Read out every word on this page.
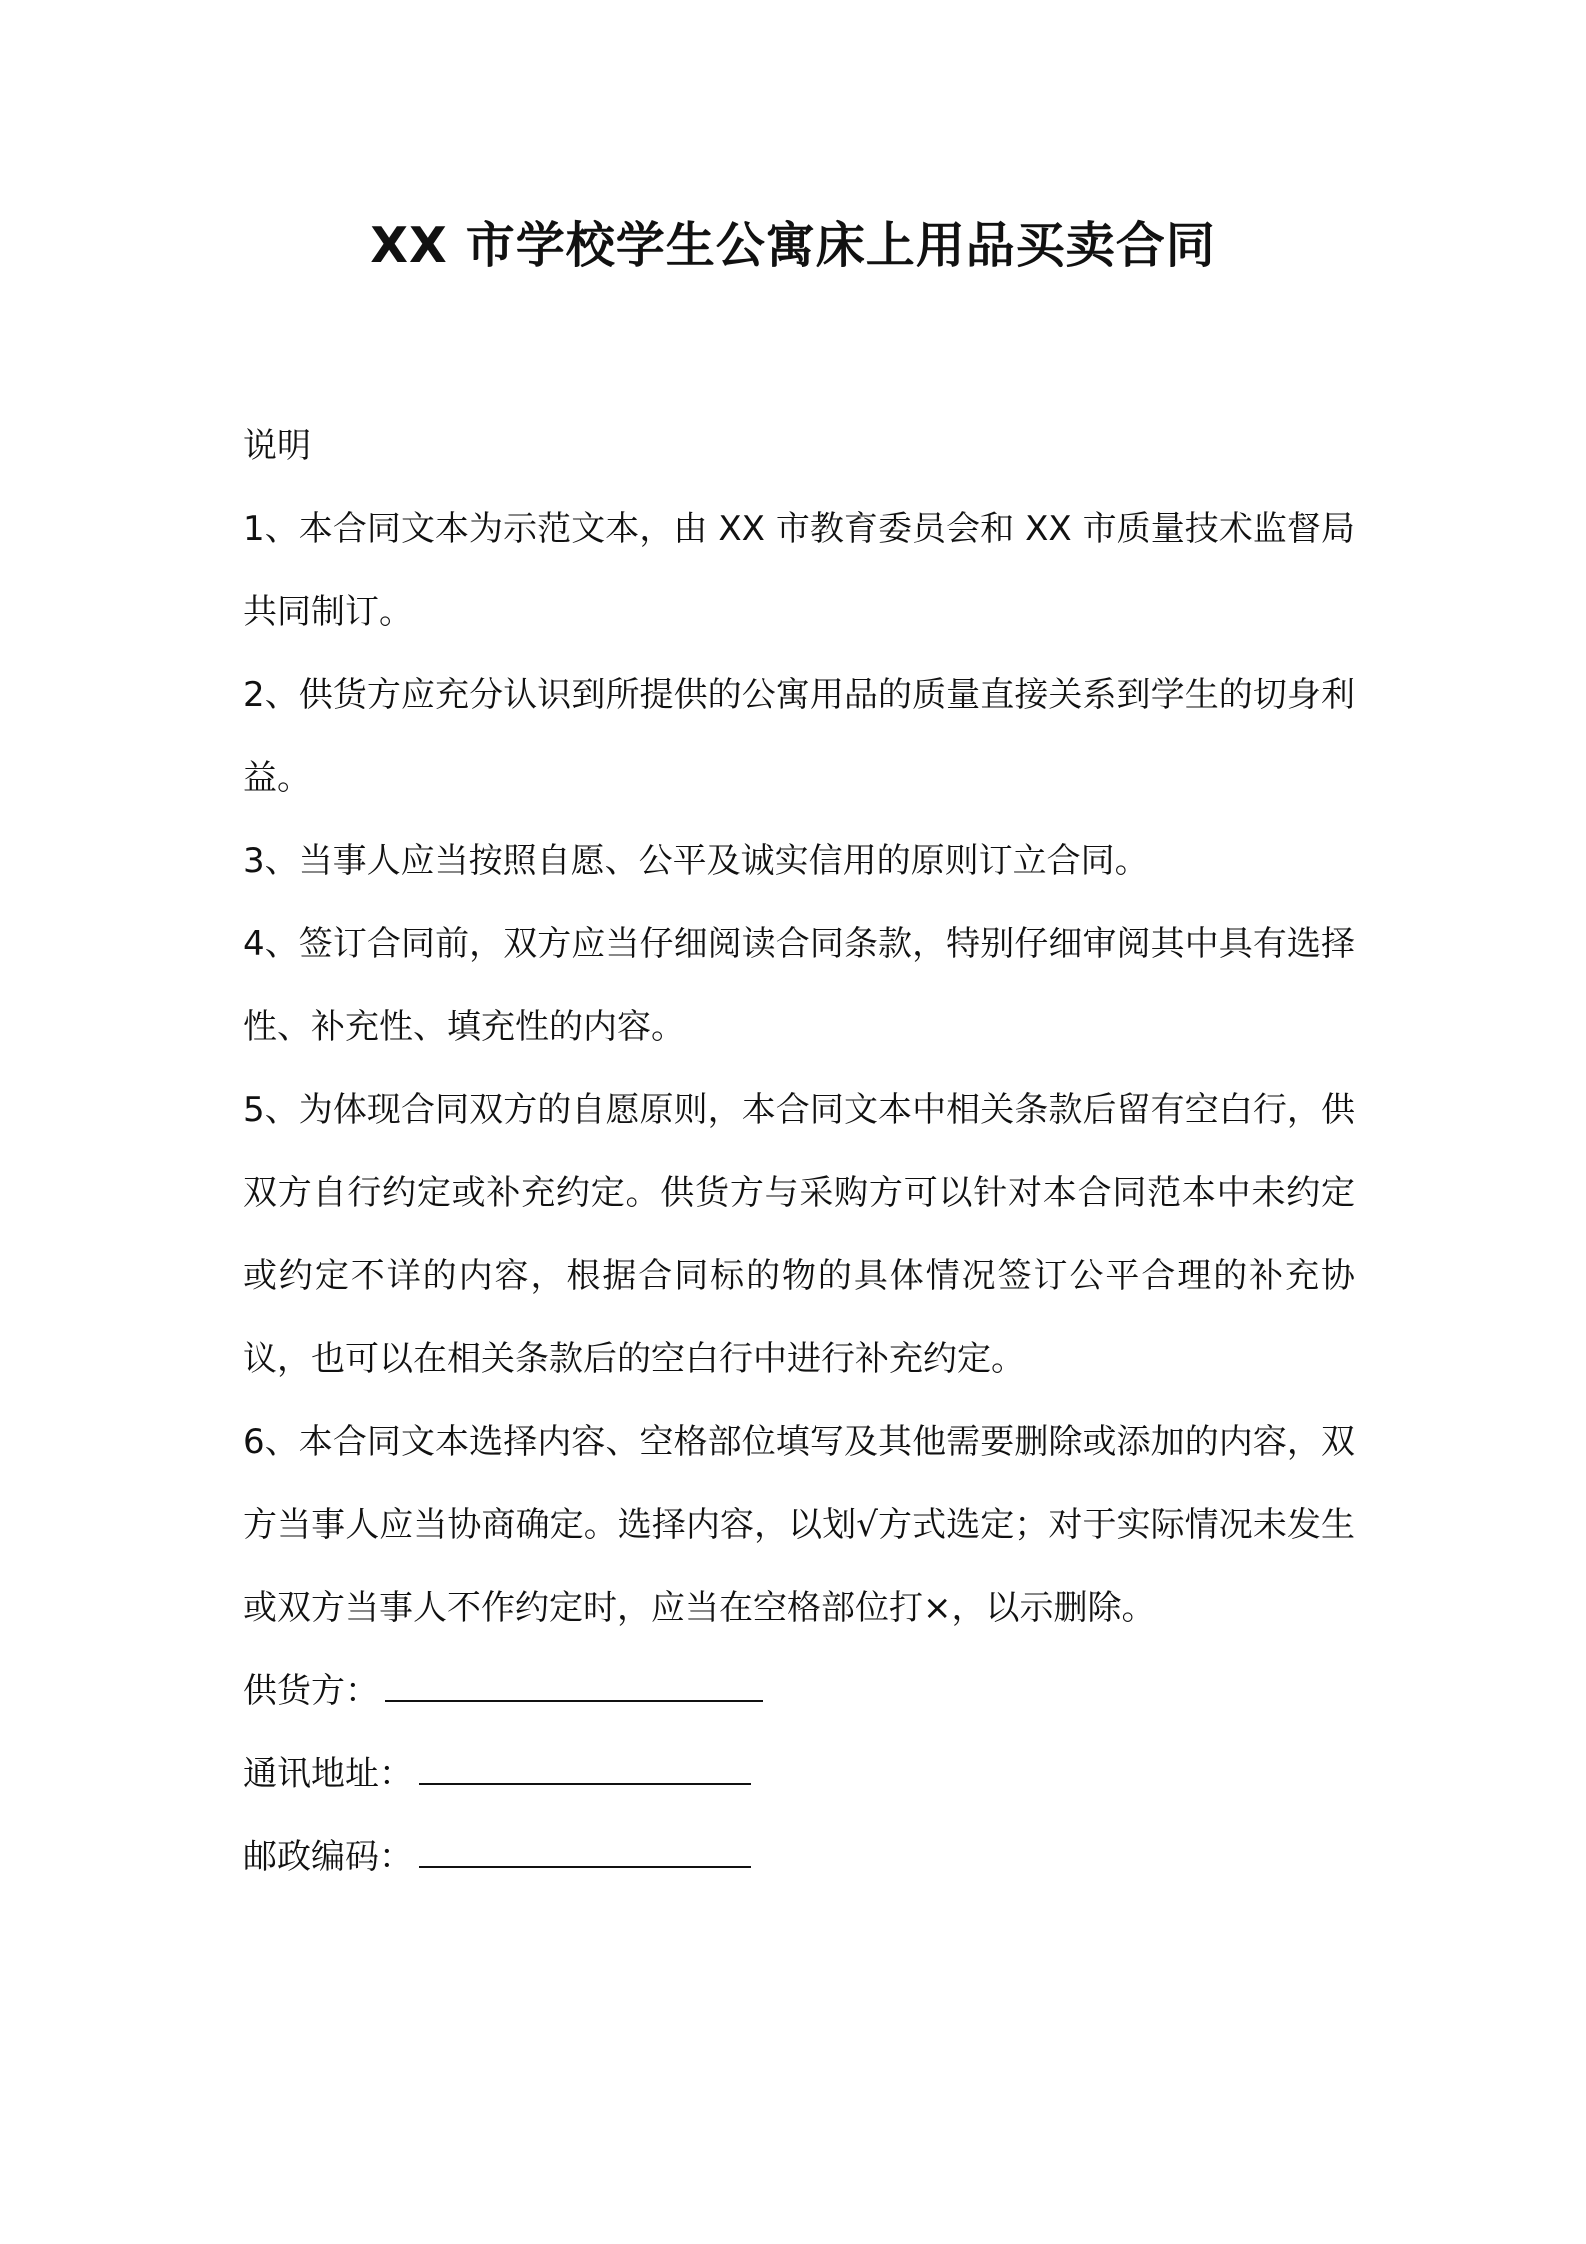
XX 市学校学生公寓床上用品买卖合同

说明

1、本合同文本为示范文本，由 XX 市教育委员会和 XX 市质量技术监督局共同制订。

2、供货方应充分认识到所提供的公寓用品的质量直接关系到学生的切身利益。

3、当事人应当按照自愿、公平及诚实信用的原则订立合同。

4、签订合同前，双方应当仔细阅读合同条款，特别仔细审阅其中具有选择性、补充性、填充性的内容。

5、为体现合同双方的自愿原则，本合同文本中相关条款后留有空白行，供双方自行约定或补充约定。供货方与采购方可以针对本合同范本中未约定或约定不详的内容，根据合同标的物的具体情况签订公平合理的补充协议，也可以在相关条款后的空白行中进行补充约定。

6、本合同文本选择内容、空格部位填写及其他需要删除或添加的内容，双方当事人应当协商确定。选择内容，以划√方式选定；对于实际情况未发生或双方当事人不作约定时，应当在空格部位打×，以示删除。

供货方：

通讯地址：

邮政编码：
